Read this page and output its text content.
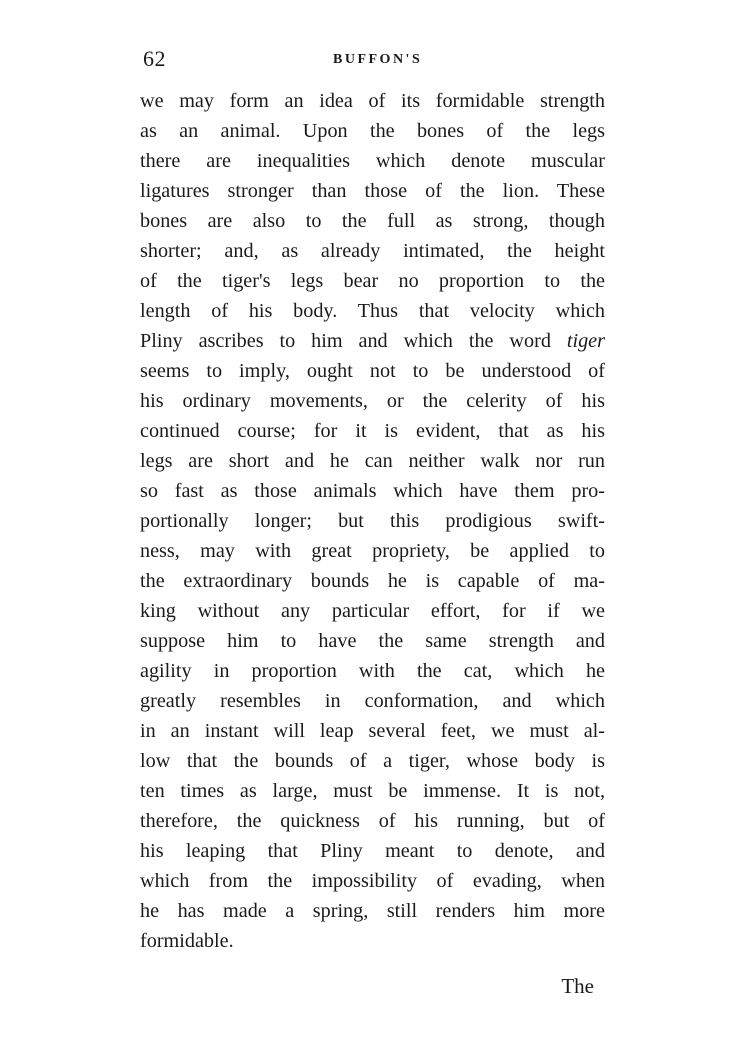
62	BUFFON'S
we may form an idea of its formidable strength
as an animal. Upon the bones of the legs
there are inequalities which denote muscular
ligatures stronger than those of the lion. These
bones are also to the full as strong, though
shorter; and, as already intimated, the height
of the tiger's legs bear no proportion to the
length of his body. Thus that velocity which
Pliny ascribes to him and which the word tiger
seems to imply, ought not to be understood of
his ordinary movements, or the celerity of his
continued course; for it is evident, that as his
legs are short and he can neither walk nor run
so fast as those animals which have them pro-
portionally longer; but this prodigious swift-
ness, may with great propriety, be applied to
the extraordinary bounds he is capable of ma-
king without any particular effort, for if we
suppose him to have the same strength and
agility in proportion with the cat, which he
greatly resembles in conformation, and which
in an instant will leap several feet, we must al-
low that the bounds of a tiger, whose body is
ten times as large, must be immense. It is not,
therefore, the quickness of his running, but of
his leaping that Pliny meant to denote, and
which from the impossibility of evading, when
he has made a spring, still renders him more
formidable.
The
